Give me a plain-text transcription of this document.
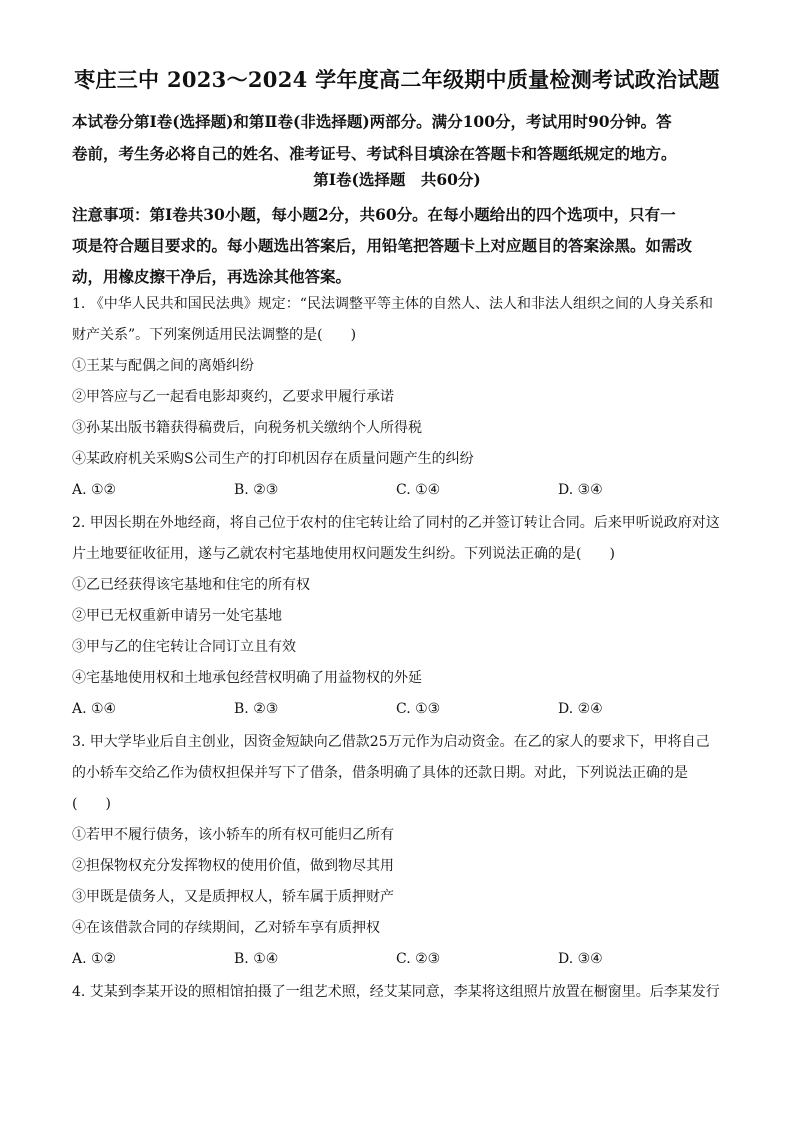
枣庄三中 2023～2024 学年度高二年级期中质量检测考试政治试题
本试卷分第Ⅰ卷(选择题)和第Ⅱ卷(非选择题)两部分。满分100分，考试用时90分钟。答
卷前，考生务必将自己的姓名、准考证号、考试科目填涂在答题卡和答题纸规定的地方。
第Ⅰ卷(选择题　共60分)
注意事项：第Ⅰ卷共30小题，每小题2分，共60分。在每小题给出的四个选项中，只有一
项是符合题目要求的。每小题选出答案后，用铅笔把答题卡上对应题目的答案涂黑。如需改
动，用橡皮擦干净后，再选涂其他答案。
1. 《中华人民共和国民法典》规定：“民法调整平等主体的自然人、法人和非法人组织之间的人身关系和
财产关系”。下列案例适用民法调整的是(　　)
①王某与配偶之间的离婚纠纷
②甲答应与乙一起看电影却爽约，乙要求甲履行承诺
③孙某出版书籍获得稿费后，向税务机关缴纳个人所得税
④某政府机关采购S公司生产的打印机因存在质量问题产生的纠纷
A. ①②	B. ②③	C. ①④	D. ③④
2. 甲因长期在外地经商，将自己位于农村的住宅转让给了同村的乙并签订转让合同。后来甲听说政府对这
片土地要征收征用，遂与乙就农村宅基地使用权问题发生纠纷。下列说法正确的是(　　)
①乙已经获得该宅基地和住宅的所有权
②甲已无权重新申请另一处宅基地
③甲与乙的住宅转让合同订立且有效
④宅基地使用权和土地承包经营权明确了用益物权的外延
A. ①④	B. ②③	C. ①③	D. ②④
3. 甲大学毕业后自主创业，因资金短缺向乙借款25万元作为启动资金。在乙的家人的要求下，甲将自己
的小轿车交给乙作为债权担保并写下了借条，借条明确了具体的还款日期。对此，下列说法正确的是
(　　)
①若甲不履行债务，该小轿车的所有权可能归乙所有
②担保物权充分发挥物权的使用价值，做到物尽其用
③甲既是债务人，又是质押权人，轿车属于质押财产
④在该借款合同的存续期间，乙对轿车享有质押权
A. ①②	B. ①④	C. ②③	D. ③④
4. 艾某到李某开设的照相馆拍摄了一组艺术照，经艾某同意，李某将这组照片放置在橱窗里。后李某发行
